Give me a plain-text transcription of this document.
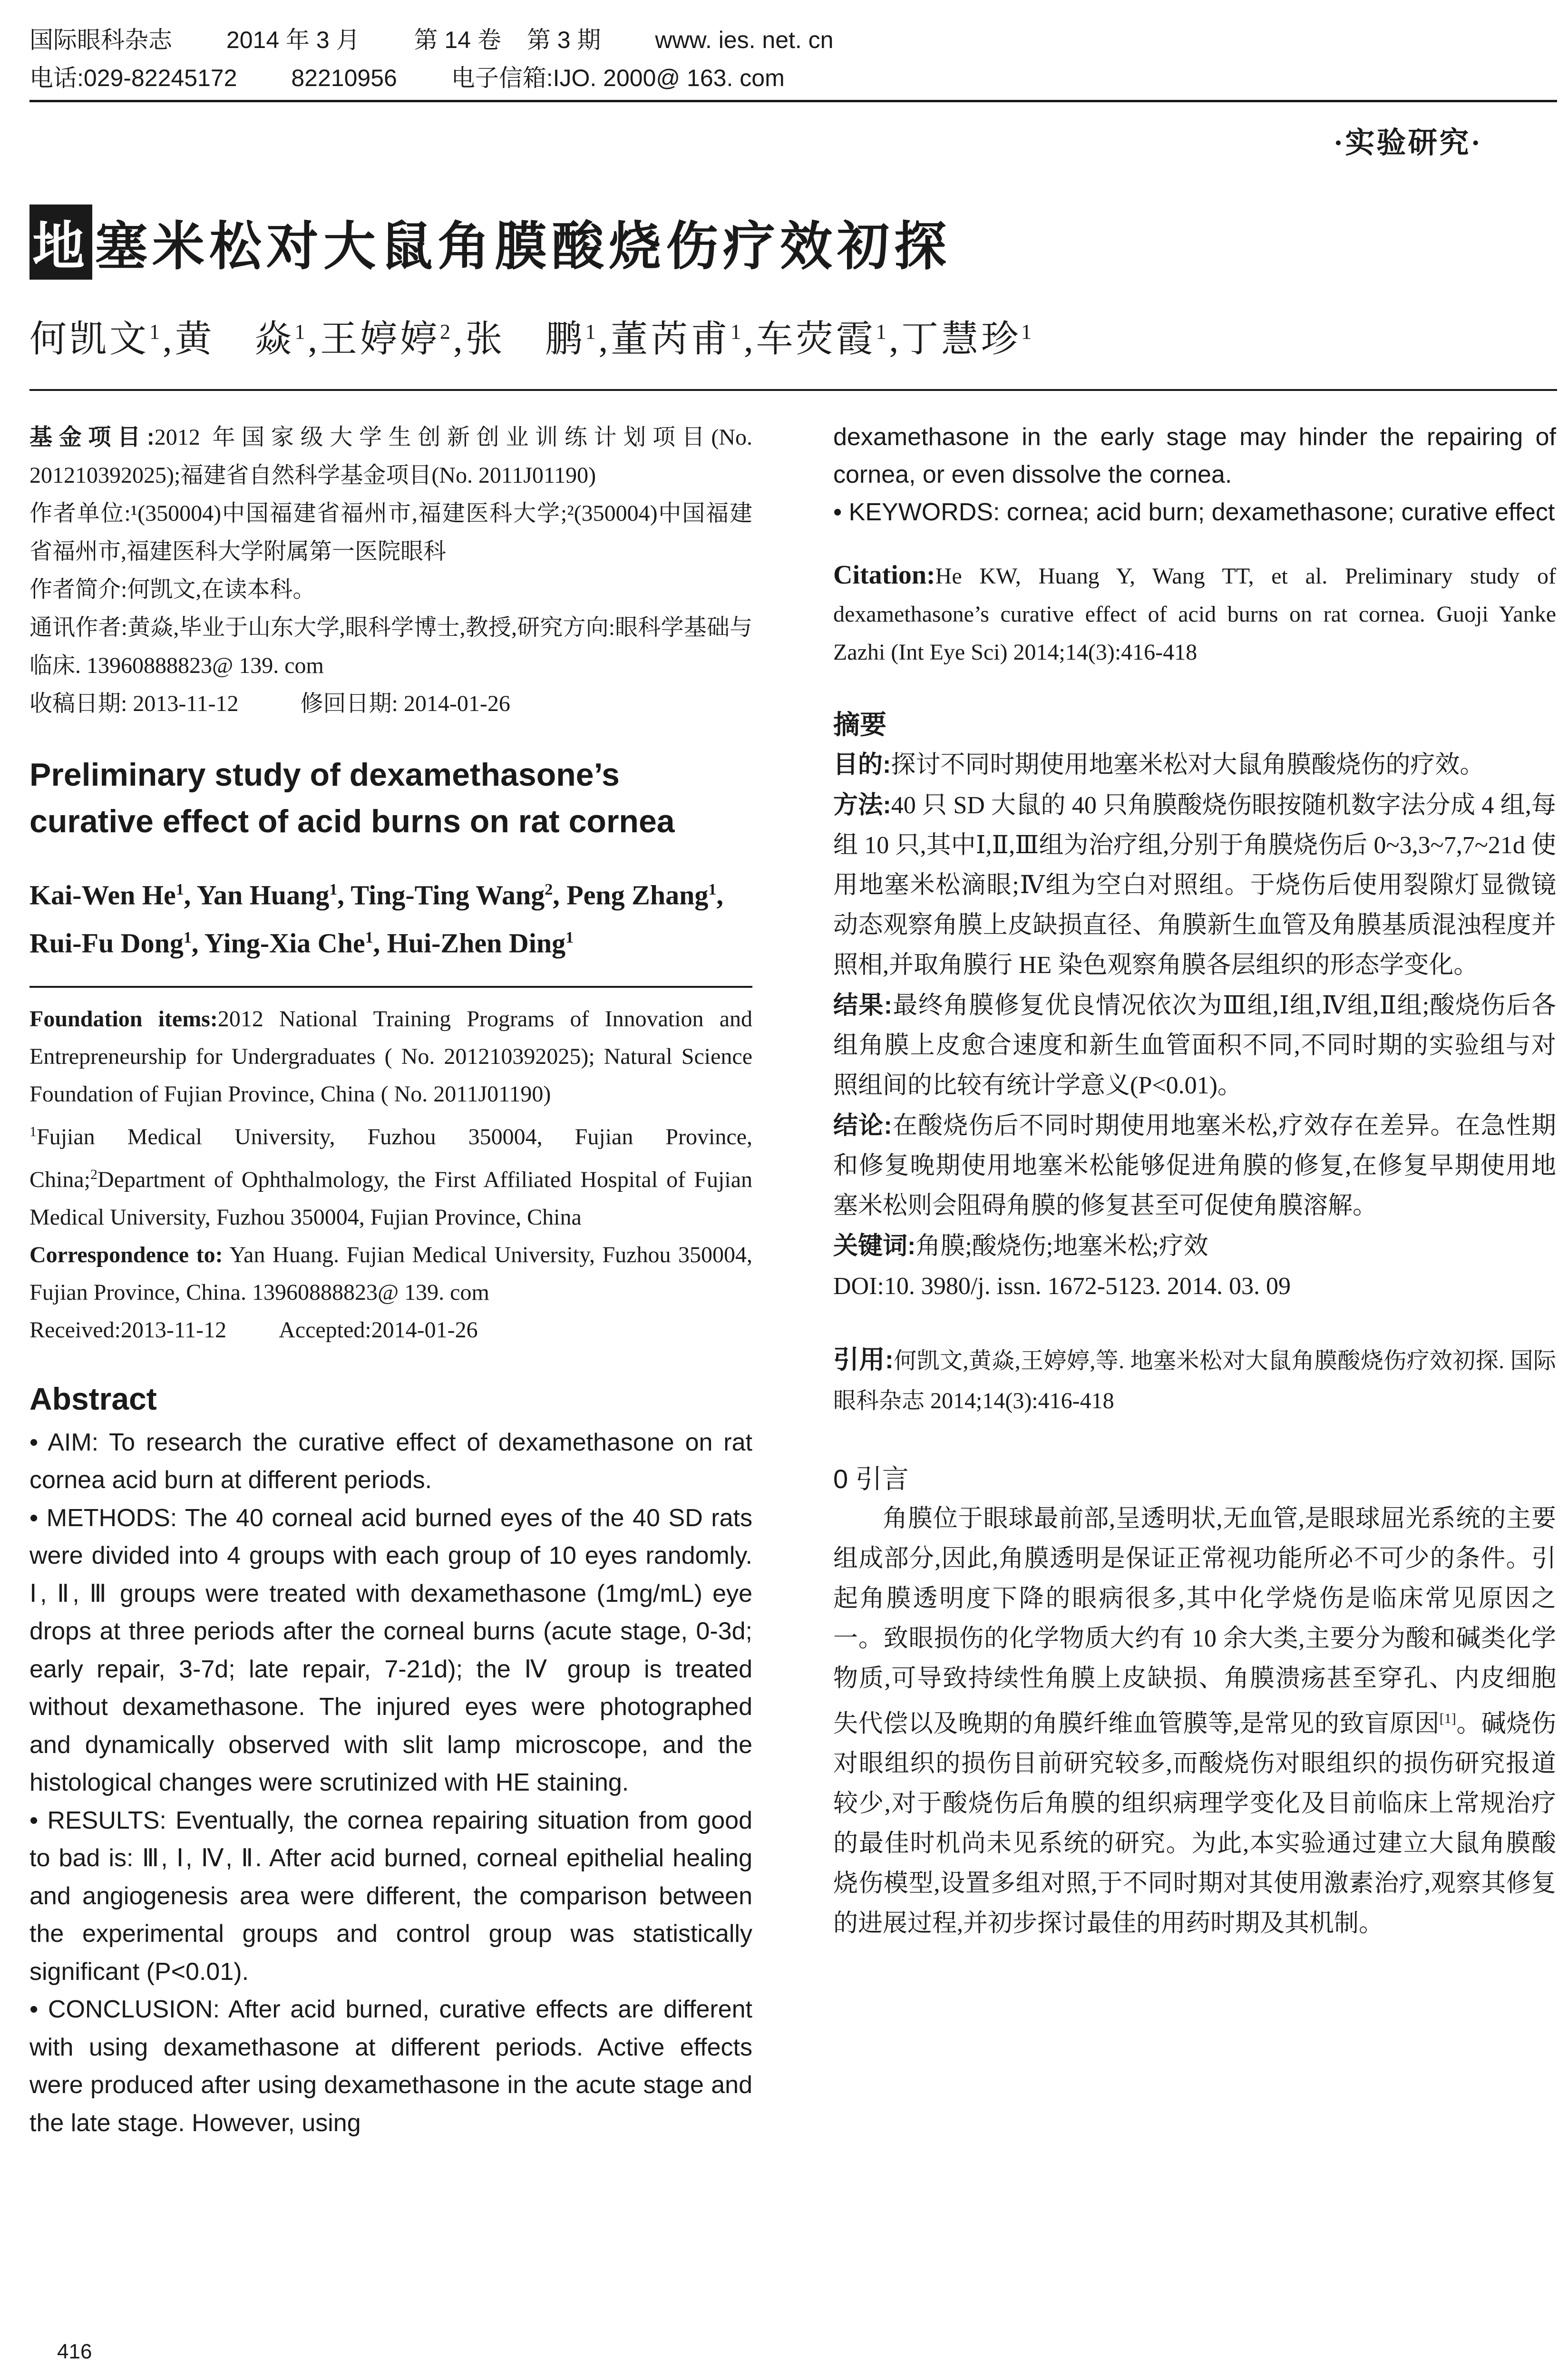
国际眼科杂志 2014 年 3 月 第 14 卷 第 3 期 www. ies. net. cn
电话:029-82245172 82210956 电子信箱:IJO. 2000@ 163. com
·实验研究·
地 塞米松对大鼠角膜酸烧伤疗效初探
何凯文$^1$,黄　焱$^1$,王婷婷$^2$,张　鹏$^1$,董芮甫$^1$,车荧霞$^1$,丁慧珍$^1$

基金项目:2012 年国家级大学生创新创业训练计划项目(No. 201210392025);福建省自然科学基金项目(No. 2011J01190)

作者单位:¹(350004)中国福建省福州市,福建医科大学;²(350004)中国福建省福州市,福建医科大学附属第一医院眼科

作者简介:何凯文,在读本科。

通讯作者:黄焱,毕业于山东大学,眼科学博士,教授,研究方向:眼科学基础与临床. 13960888823@ 139. com

收稿日期: 2013-11-12	修回日期: 2014-01-26

Preliminary study of dexamethasone’s curative effect of acid burns on rat cornea
Kai-Wen He$^1$, Yan Huang$^1$, Ting-Ting Wang$^2$, Peng Zhang$^1$, Rui-Fu Dong$^1$, Ying-Xia Che$^1$, Hui-Zhen Ding$^1$

Foundation items:2012 National Training Programs of Innovation and Entrepreneurship for Undergraduates ( No. 201210392025); Natural Science Foundation of Fujian Province, China ( No. 2011J01190)

$^1$Fujian Medical University, Fuzhou 350004, Fujian Province, China;$^2$Department of Ophthalmology, the First Affiliated Hospital of Fujian Medical University, Fuzhou 350004, Fujian Province, China

Correspondence to: Yan Huang. Fujian Medical University, Fuzhou 350004, Fujian Province, China. 13960888823@ 139. com

Received:2013-11-12 Accepted:2014-01-26

Abstract

• AIM: To research the curative effect of dexamethasone on rat cornea acid burn at different periods.

• METHODS: The 40 corneal acid burned eyes of the 40 SD rats were divided into 4 groups with each group of 10 eyes randomly. Ⅰ, Ⅱ, Ⅲ groups were treated with dexamethasone (1mg/mL) eye drops at three periods after the corneal burns (acute stage, 0-3d; early repair, 3-7d; late repair, 7-21d); the Ⅳ group is treated without dexamethasone. The injured eyes were photographed and dynamically observed with slit lamp microscope, and the histological changes were scrutinized with HE staining.

• RESULTS: Eventually, the cornea repairing situation from good to bad is: Ⅲ, Ⅰ, Ⅳ, Ⅱ. After acid burned, corneal epithelial healing and angiogenesis area were different, the comparison between the experimental groups and control group was statistically significant (P<0.01).

• CONCLUSION: After acid burned, curative effects are different with using dexamethasone at different periods. Active effects were produced after using dexamethasone in the acute stage and the late stage. However, using

dexamethasone in the early stage may hinder the repairing of cornea, or even dissolve the cornea.

• KEYWORDS: cornea; acid burn; dexamethasone; curative effect

Citation:He KW, Huang Y, Wang TT, et al. Preliminary study of dexamethasone’s curative effect of acid burns on rat cornea. Guoji Yanke Zazhi (Int Eye Sci) 2014;14(3):416-418

摘要

目的:探讨不同时期使用地塞米松对大鼠角膜酸烧伤的疗效。

方法:40 只 SD 大鼠的 40 只角膜酸烧伤眼按随机数字法分成 4 组,每组 10 只,其中Ⅰ,Ⅱ,Ⅲ组为治疗组,分别于角膜烧伤后 0~3,3~7,7~21d 使用地塞米松滴眼;Ⅳ组为空白对照组。于烧伤后使用裂隙灯显微镜动态观察角膜上皮缺损直径、角膜新生血管及角膜基质混浊程度并照相,并取角膜行 HE 染色观察角膜各层组织的形态学变化。

结果:最终角膜修复优良情况依次为Ⅲ组,Ⅰ组,Ⅳ组,Ⅱ组;酸烧伤后各组角膜上皮愈合速度和新生血管面积不同,不同时期的实验组与对照组间的比较有统计学意义(P<0.01)。

结论:在酸烧伤后不同时期使用地塞米松,疗效存在差异。在急性期和修复晚期使用地塞米松能够促进角膜的修复,在修复早期使用地塞米松则会阻碍角膜的修复甚至可促使角膜溶解。

关键词:角膜;酸烧伤;地塞米松;疗效

DOI:10. 3980/j. issn. 1672-5123. 2014. 03. 09

引用:何凯文,黄焱,王婷婷,等. 地塞米松对大鼠角膜酸烧伤疗效初探. 国际眼科杂志 2014;14(3):416-418

0 引言

角膜位于眼球最前部,呈透明状,无血管,是眼球屈光系统的主要组成部分,因此,角膜透明是保证正常视功能所必不可少的条件。引起角膜透明度下降的眼病很多,其中化学烧伤是临床常见原因之一。致眼损伤的化学物质大约有 10 余大类,主要分为酸和碱类化学物质,可导致持续性角膜上皮缺损、角膜溃疡甚至穿孔、内皮细胞失代偿以及晚期的角膜纤维血管膜等,是常见的致盲原因[1]。碱烧伤对眼组织的损伤目前研究较多,而酸烧伤对眼组织的损伤研究报道较少,对于酸烧伤后角膜的组织病理学变化及目前临床上常规治疗的最佳时机尚未见系统的研究。为此,本实验通过建立大鼠角膜酸烧伤模型,设置多组对照,于不同时期对其使用激素治疗,观察其修复的进展过程,并初步探讨最佳的用药时期及其机制。

416
